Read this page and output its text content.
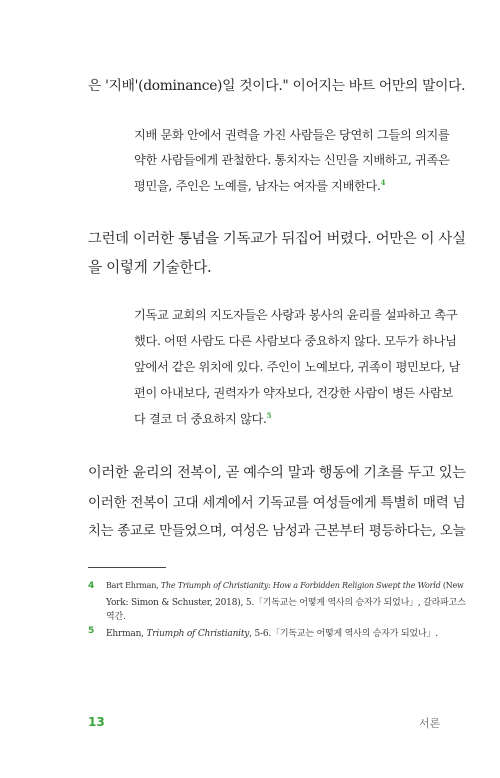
은 '지배'(dominance)일 것이다." 이어지는 바트 어만의 말이다.
지배 문화 안에서 권력을 가진 사람들은 당연히 그들의 의지를
약한 사람들에게 관철한다. 통치자는 신민을 지배하고, 귀족은
평민을, 주인은 노예를, 남자는 여자를 지배한다.$^4$
그런데 이러한 통념을 기독교가 뒤집어 버렸다. 어만은 이 사실
을 이렇게 기술한다.
기독교 교회의 지도자들은 사랑과 봉사의 윤리를 설파하고 촉구
했다. 어떤 사람도 다른 사람보다 중요하지 않다. 모두가 하나님
앞에서 같은 위치에 있다. 주인이 노예보다, 귀족이 평민보다, 남
편이 아내보다, 권력자가 약자보다, 건강한 사람이 병든 사람보
다 결코 더 중요하지 않다.$^5$
이러한 윤리의 전복이, 곧 예수의 말과 행동에 기초를 두고 있는
이러한 전복이 고대 세계에서 기독교를 여성들에게 특별히 매력 넘
치는 종교로 만들었으며, 여성은 남성과 근본부터 평등하다는, 오늘
4 Bart Ehrman, The Triumph of Christianity: How a Forbidden Religion Swept the World (New
York: Simon & Schuster, 2018), 5.「기독교는 어떻게 역사의 승자가 되었나」, 갈라파고스
역간.
5 Ehrman, Triumph of Christianity, 5-6.「기독교는 어떻게 역사의 승자가 되었나」.
13	서론
